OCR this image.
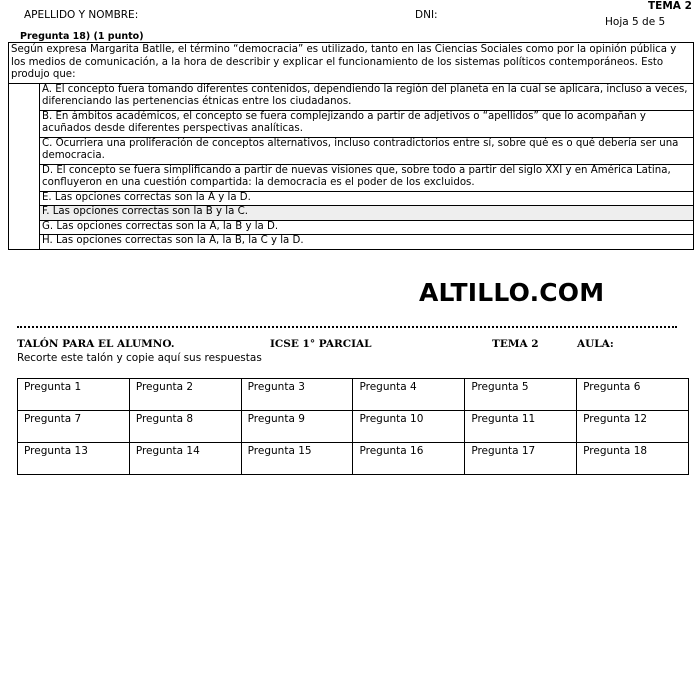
APELLIDO Y NOMBRE:	DNI:
TEMA 2
Hoja 5 de 5
Pregunta 18) (1 punto)
Según expresa Margarita Batlle, el término “democracia” es utilizado, tanto en las Ciencias Sociales como por la opinión pública y los medios de comunicación, a la hora de describir y explicar el funcionamiento de los sistemas políticos contemporáneos. Esto produjo que:	
	A. El concepto fuera tomando diferentes contenidos, dependiendo la región del planeta en la cual se aplicara, incluso a veces, diferenciando las pertenencias étnicas entre los ciudadanos.
	B. En ámbitos académicos, el concepto se fuera complejizando a partir de adjetivos o “apellidos” que lo acompañan y acuñados desde diferentes perspectivas analíticas.
	C. Ocurriera una proliferación de conceptos alternativos, incluso contradictorios entre sí, sobre qué es o qué debería ser una democracia.
	D. El concepto se fuera simplificando a partir de nuevas visiones que, sobre todo a partir del siglo XXI y en América Latina, confluyeron en una cuestión compartida: la democracia es el poder de los excluidos.
	E. Las opciones correctas son la A y la D.
	F. Las opciones correctas son la B y la C.
	G. Las opciones correctas son la A, la B y la D.
	H. Las opciones correctas son la A, la B, la C y la D.
ALTILLO.COM
TALÓN PARA EL ALUMNO.	ICSE 1° PARCIAL	TEMA 2	AULA:
Recorte este talón y copie aquí sus respuestas
Pregunta 1	Pregunta 2	Pregunta 3	Pregunta 4	Pregunta 5	Pregunta 6
Pregunta 7	Pregunta 8	Pregunta 9	Pregunta 10	Pregunta 11	Pregunta 12
Pregunta 13	Pregunta 14	Pregunta 15	Pregunta 16	Pregunta 17	Pregunta 18
